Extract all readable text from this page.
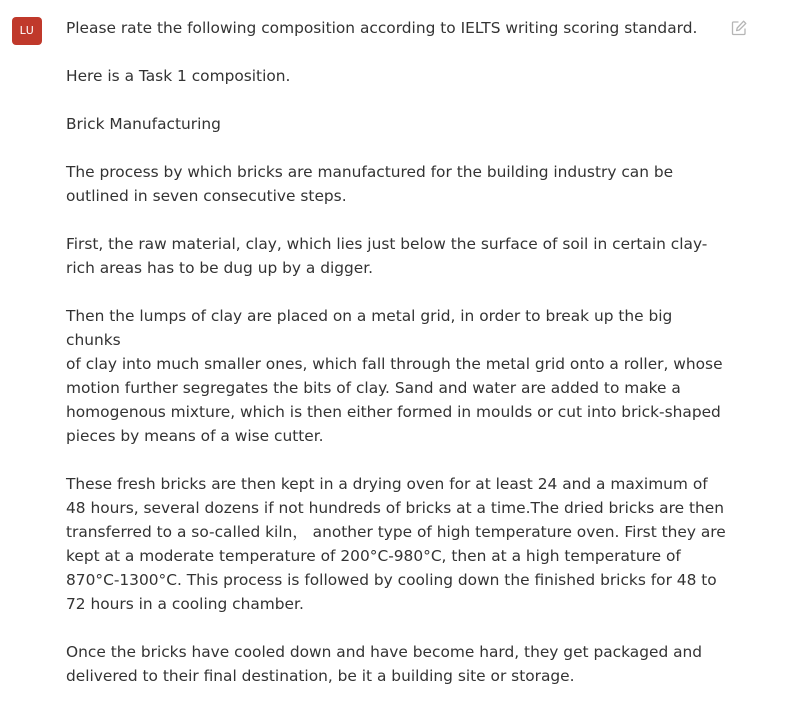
LU	Please rate the following composition according to IELTS writing scoring standard.

Here is a Task 1 composition.

Brick Manufacturing

The process by which bricks are manufactured for the building industry can be
outlined in seven consecutive steps.

First, the raw material, clay, which lies just below the surface of soil in certain clay-
rich areas has to be dug up by a digger.

Then the lumps of clay are placed on a metal grid, in order to break up the big
chunks
of clay into much smaller ones, which fall through the metal grid onto a roller, whose
motion further segregates the bits of clay. Sand and water are added to make a
homogenous mixture, which is then either formed in moulds or cut into brick-shaped
pieces by means of a wise cutter.

These fresh bricks are then kept in a drying oven for at least 24 and a maximum of
48 hours, several dozens if not hundreds of bricks at a time.The dried bricks are then
transferred to a so-called kiln， another type of high temperature oven. First they are
kept at a moderate temperature of 200°C-980°C, then at a high temperature of
870°C-1300°C. This process is followed by cooling down the finished bricks for 48 to
72 hours in a cooling chamber.

Once the bricks have cooled down and have become hard, they get packaged and
delivered to their final destination, be it a building site or storage.
